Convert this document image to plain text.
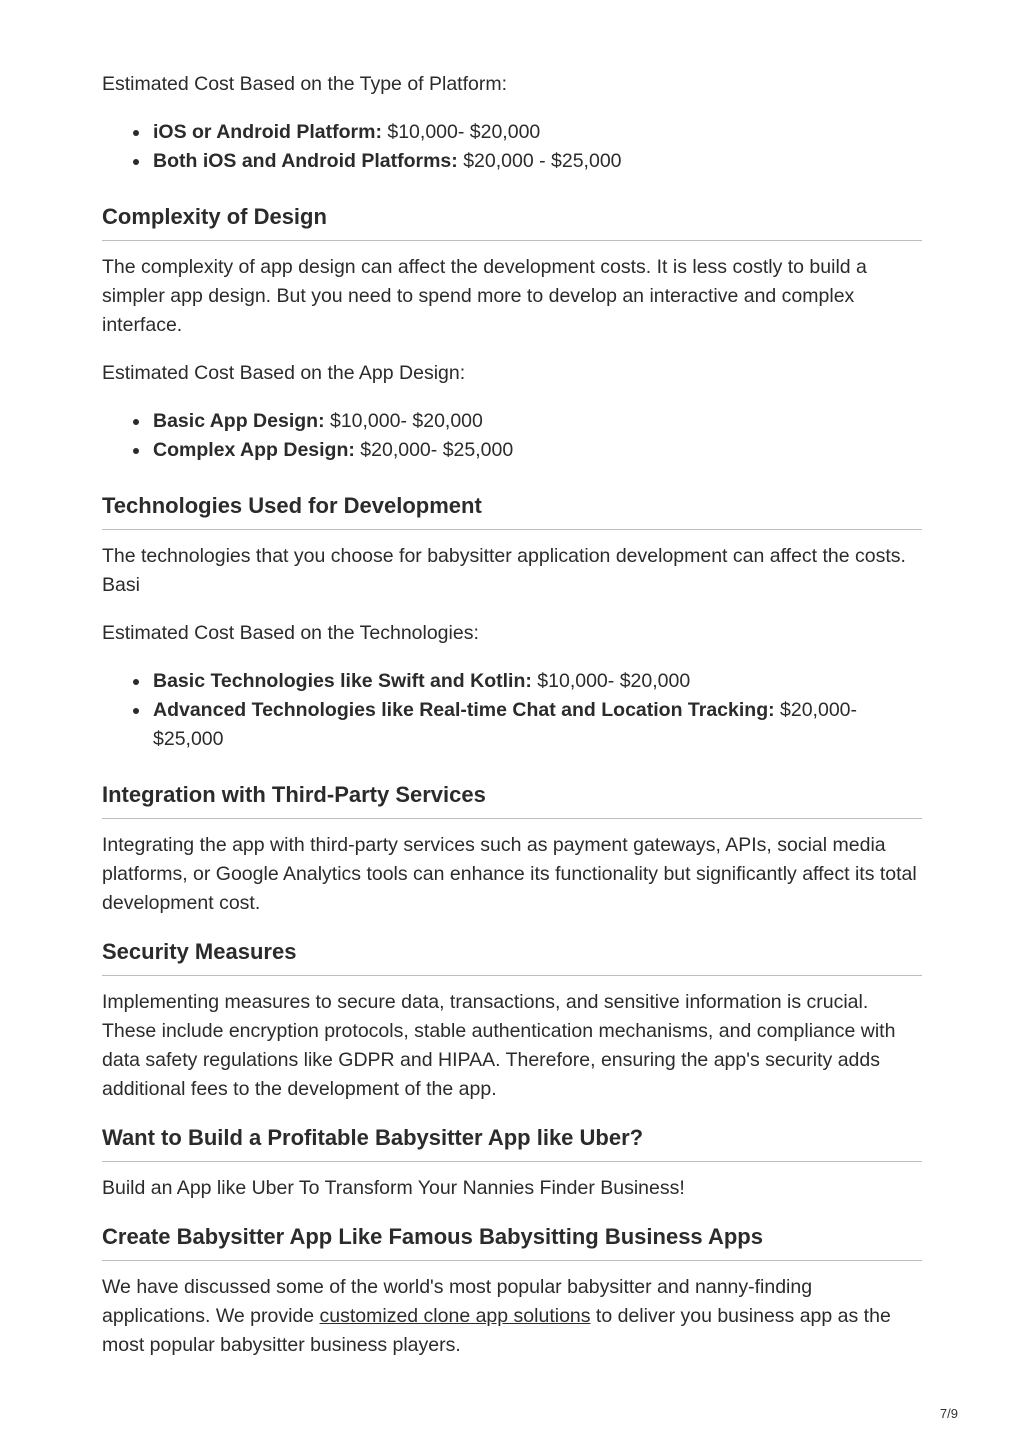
Estimated Cost Based on the Type of Platform:

iOS or Android Platform: $10,000- $20,000
Both iOS and Android Platforms: $20,000 - $25,000
Complexity of Design

The complexity of app design can affect the development costs. It is less costly to build a simpler app design. But you need to spend more to develop an interactive and complex interface.

Estimated Cost Based on the App Design:

Basic App Design: $10,000- $20,000
Complex App Design: $20,000- $25,000
Technologies Used for Development

The technologies that you choose for babysitter application development can affect the costs. Basi

Estimated Cost Based on the Technologies:

Basic Technologies like Swift and Kotlin: $10,000- $20,000
Advanced Technologies like Real-time Chat and Location Tracking: $20,000- $25,000
Integration with Third-Party Services

Integrating the app with third-party services such as payment gateways, APIs, social media platforms, or Google Analytics tools can enhance its functionality but significantly affect its total development cost.

Security Measures

Implementing measures to secure data, transactions, and sensitive information is crucial. These include encryption protocols, stable authentication mechanisms, and compliance with data safety regulations like GDPR and HIPAA. Therefore, ensuring the app's security adds additional fees to the development of the app.

Want to Build a Profitable Babysitter App like Uber?

Build an App like Uber To Transform Your Nannies Finder Business!

Create Babysitter App Like Famous Babysitting Business Apps

We have discussed some of the world's most popular babysitter and nanny-finding applications. We provide customized clone app solutions to deliver you business app as the most popular babysitter business players.

7/9
